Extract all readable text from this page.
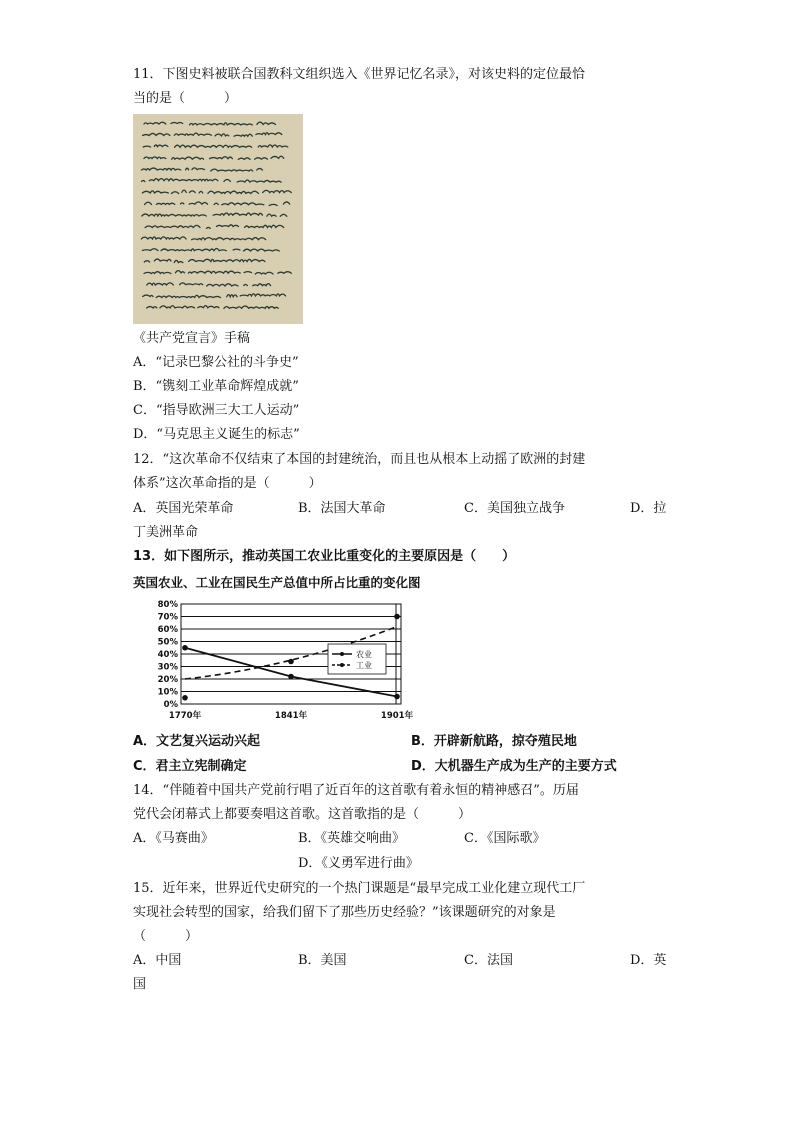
11．下图史料被联合国教科文组织选入《世界记忆名录》，对该史料的定位最恰
当的是（　　　）
《共产党宣言》手稿
A．“记录巴黎公社的斗争史”
B．“镌刻工业革命辉煌成就”
C．“指导欧洲三大工人运动”
D．“马克思主义诞生的标志”
12．“这次革命不仅结束了本国的封建统治，而且也从根本上动摇了欧洲的封建
体系”这次革命指的是（　　　）
A．英国光荣革命	B．法国大革命	C．美国独立战争	D．拉
丁美洲革命
13．如下图所示，推动英国工农业比重变化的主要原因是（　　）
英国农业、工业在国民生产总值中所占比重的变化图
80%
70%
60%
50%
40%
30%
20%
10%
0%
1770年	1841年	1901年
农业
工业
A．文艺复兴运动兴起	B．开辟新航路，掠夺殖民地
C．君主立宪制确定	D．大机器生产成为生产的主要方式
14．“伴随着中国共产党前行唱了近百年的这首歌有着永恒的精神感召”。历届
党代会闭幕式上都要奏唱这首歌。这首歌指的是（　　　）
A．《马赛曲》	B．《英雄交响曲》	C．《国际歌》
D．《义勇军进行曲》
15．近年来，世界近代史研究的一个热门课题是“最早完成工业化建立现代工厂
实现社会转型的国家，给我们留下了那些历史经验？”该课题研究的对象是
（　　　）
A．中国	B．美国	C．法国	D．英
国
